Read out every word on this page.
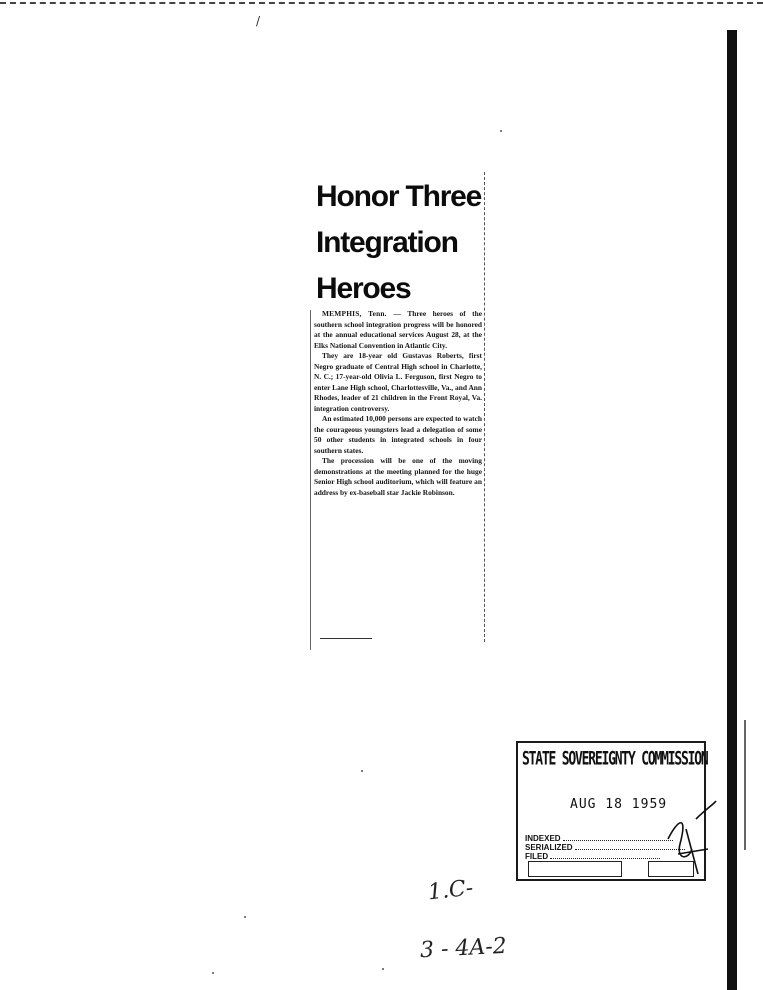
/
Honor Three Integration Heroes

MEMPHIS, Tenn. — Three heroes of the southern school integration progress will be honored at the annual educational services August 28, at the Elks National Convention in Atlantic City.

They are 18-year old Gustavas Roberts, first Negro graduate of Central High school in Charlotte, N. C.; 17-year-old Olivia L. Ferguson, first Negro to enter Lane High school, Charlottesville, Va., and Ann Rhodes, leader of 21 children in the Front Royal, Va. integration controversy.

An estimated 10,000 persons are expected to watch the courageous youngsters lead a delegation of some 50 other students in integrated schools in four southern states.

The procession will be one of the moving demonstrations at the meeting planned for the huge Senior High school auditorium, which will feature an address by ex-baseball star Jackie Robinson.

STATE SOVEREIGNTY COMMISSION
AUG 18 1959
INDEXED
SERIALIZED
FILED
1.C-
3 - 4A-2
